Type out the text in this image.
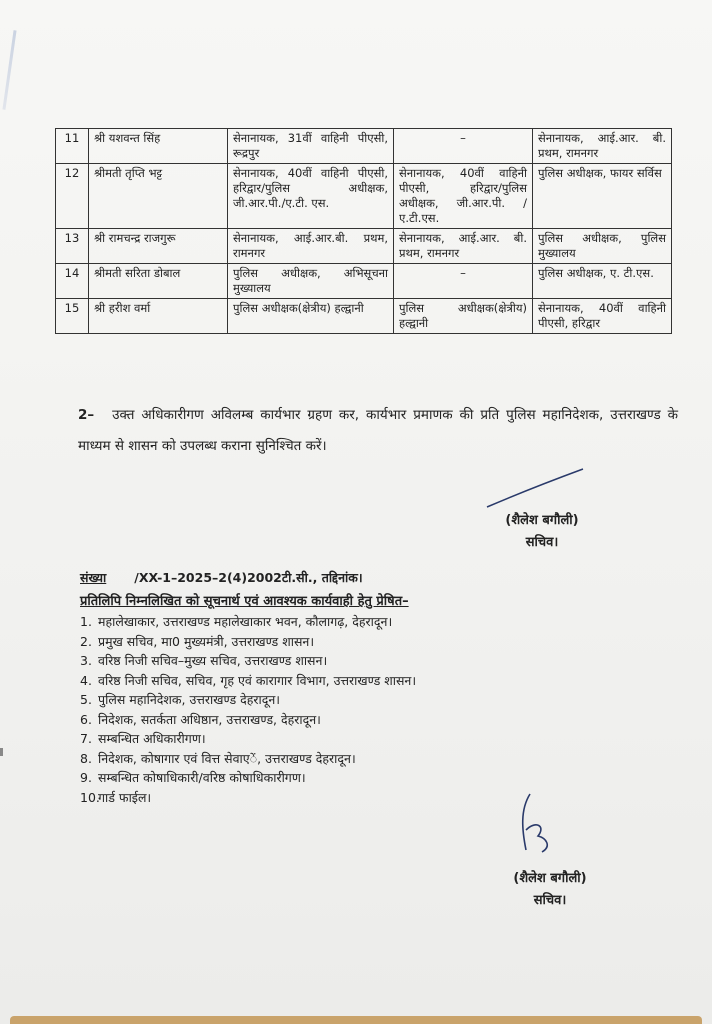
11	श्री यशवन्त सिंह	सेनानायक, 31वीं वाहिनी पीएसी, रूद्रपुर	–	सेनानायक, आई.आर. बी. प्रथम, रामनगर
12	श्रीमती तृप्ति भट्ट	सेनानायक, 40वीं वाहिनी पीएसी, हरिद्वार/पुलिस अधीक्षक, जी.आर.पी./ए.टी. एस.	सेनानायक, 40वीं वाहिनी पीएसी, हरिद्वार/पुलिस अधीक्षक, जी.आर.पी. /ए.टी.एस.	पुलिस अधीक्षक, फायर सर्विस
13	श्री रामचन्द्र राजगुरू	सेनानायक, आई.आर.बी. प्रथम, रामनगर	सेनानायक, आई.आर. बी. प्रथम, रामनगर	पुलिस अधीक्षक, पुलिस मुख्यालय
14	श्रीमती सरिता डोबाल	पुलिस अधीक्षक, अभिसूचना मुख्यालय	–	पुलिस अधीक्षक, ए. टी.एस.
15	श्री हरीश वर्मा	पुलिस अधीक्षक(क्षेत्रीय) हल्द्वानी	पुलिस अधीक्षक(क्षेत्रीय) हल्द्वानी	सेनानायक, 40वीं वाहिनी पीएसी, हरिद्वार
2– उक्त अधिकारीगण अविलम्ब कार्यभार ग्रहण कर, कार्यभार प्रमाणक की प्रति पुलिस महानिदेशक, उत्तराखण्ड के माध्यम से शासन को उपलब्ध कराना सुनिश्चित करें।
(शैलेश बगौली)
सचिव।
संख्या /XX-1–2025–2(4)2002टी.सी., तद्दिनांक।
प्रतिलिपि निम्नलिखित को सूचनार्थ एवं आवश्यक कार्यवाही हेतु प्रेषित–
1. महालेखाकार, उत्तराखण्ड महालेखाकार भवन, कौलागढ़, देहरादून।
2. प्रमुख सचिव, मा0 मुख्यमंत्री, उत्तराखण्ड शासन।
3. वरिष्ठ निजी सचिव–मुख्य सचिव, उत्तराखण्ड शासन।
4. वरिष्ठ निजी सचिव, सचिव, गृह एवं कारागार विभाग, उत्तराखण्ड शासन।
5. पुलिस महानिदेशक, उत्तराखण्ड देहरादून।
6. निदेशक, सतर्कता अधिष्ठान, उत्तराखण्ड, देहरादून।
7. सम्बन्धित अधिकारीगण।
8. निदेशक, कोषागार एवं वित्त सेवाएें, उत्तराखण्ड देहरादून।
9. सम्बन्धित कोषाधिकारी/वरिष्ठ कोषाधिकारीगण।
10.गार्ड फाईल।
(शैलेश बगौली)
सचिव।
